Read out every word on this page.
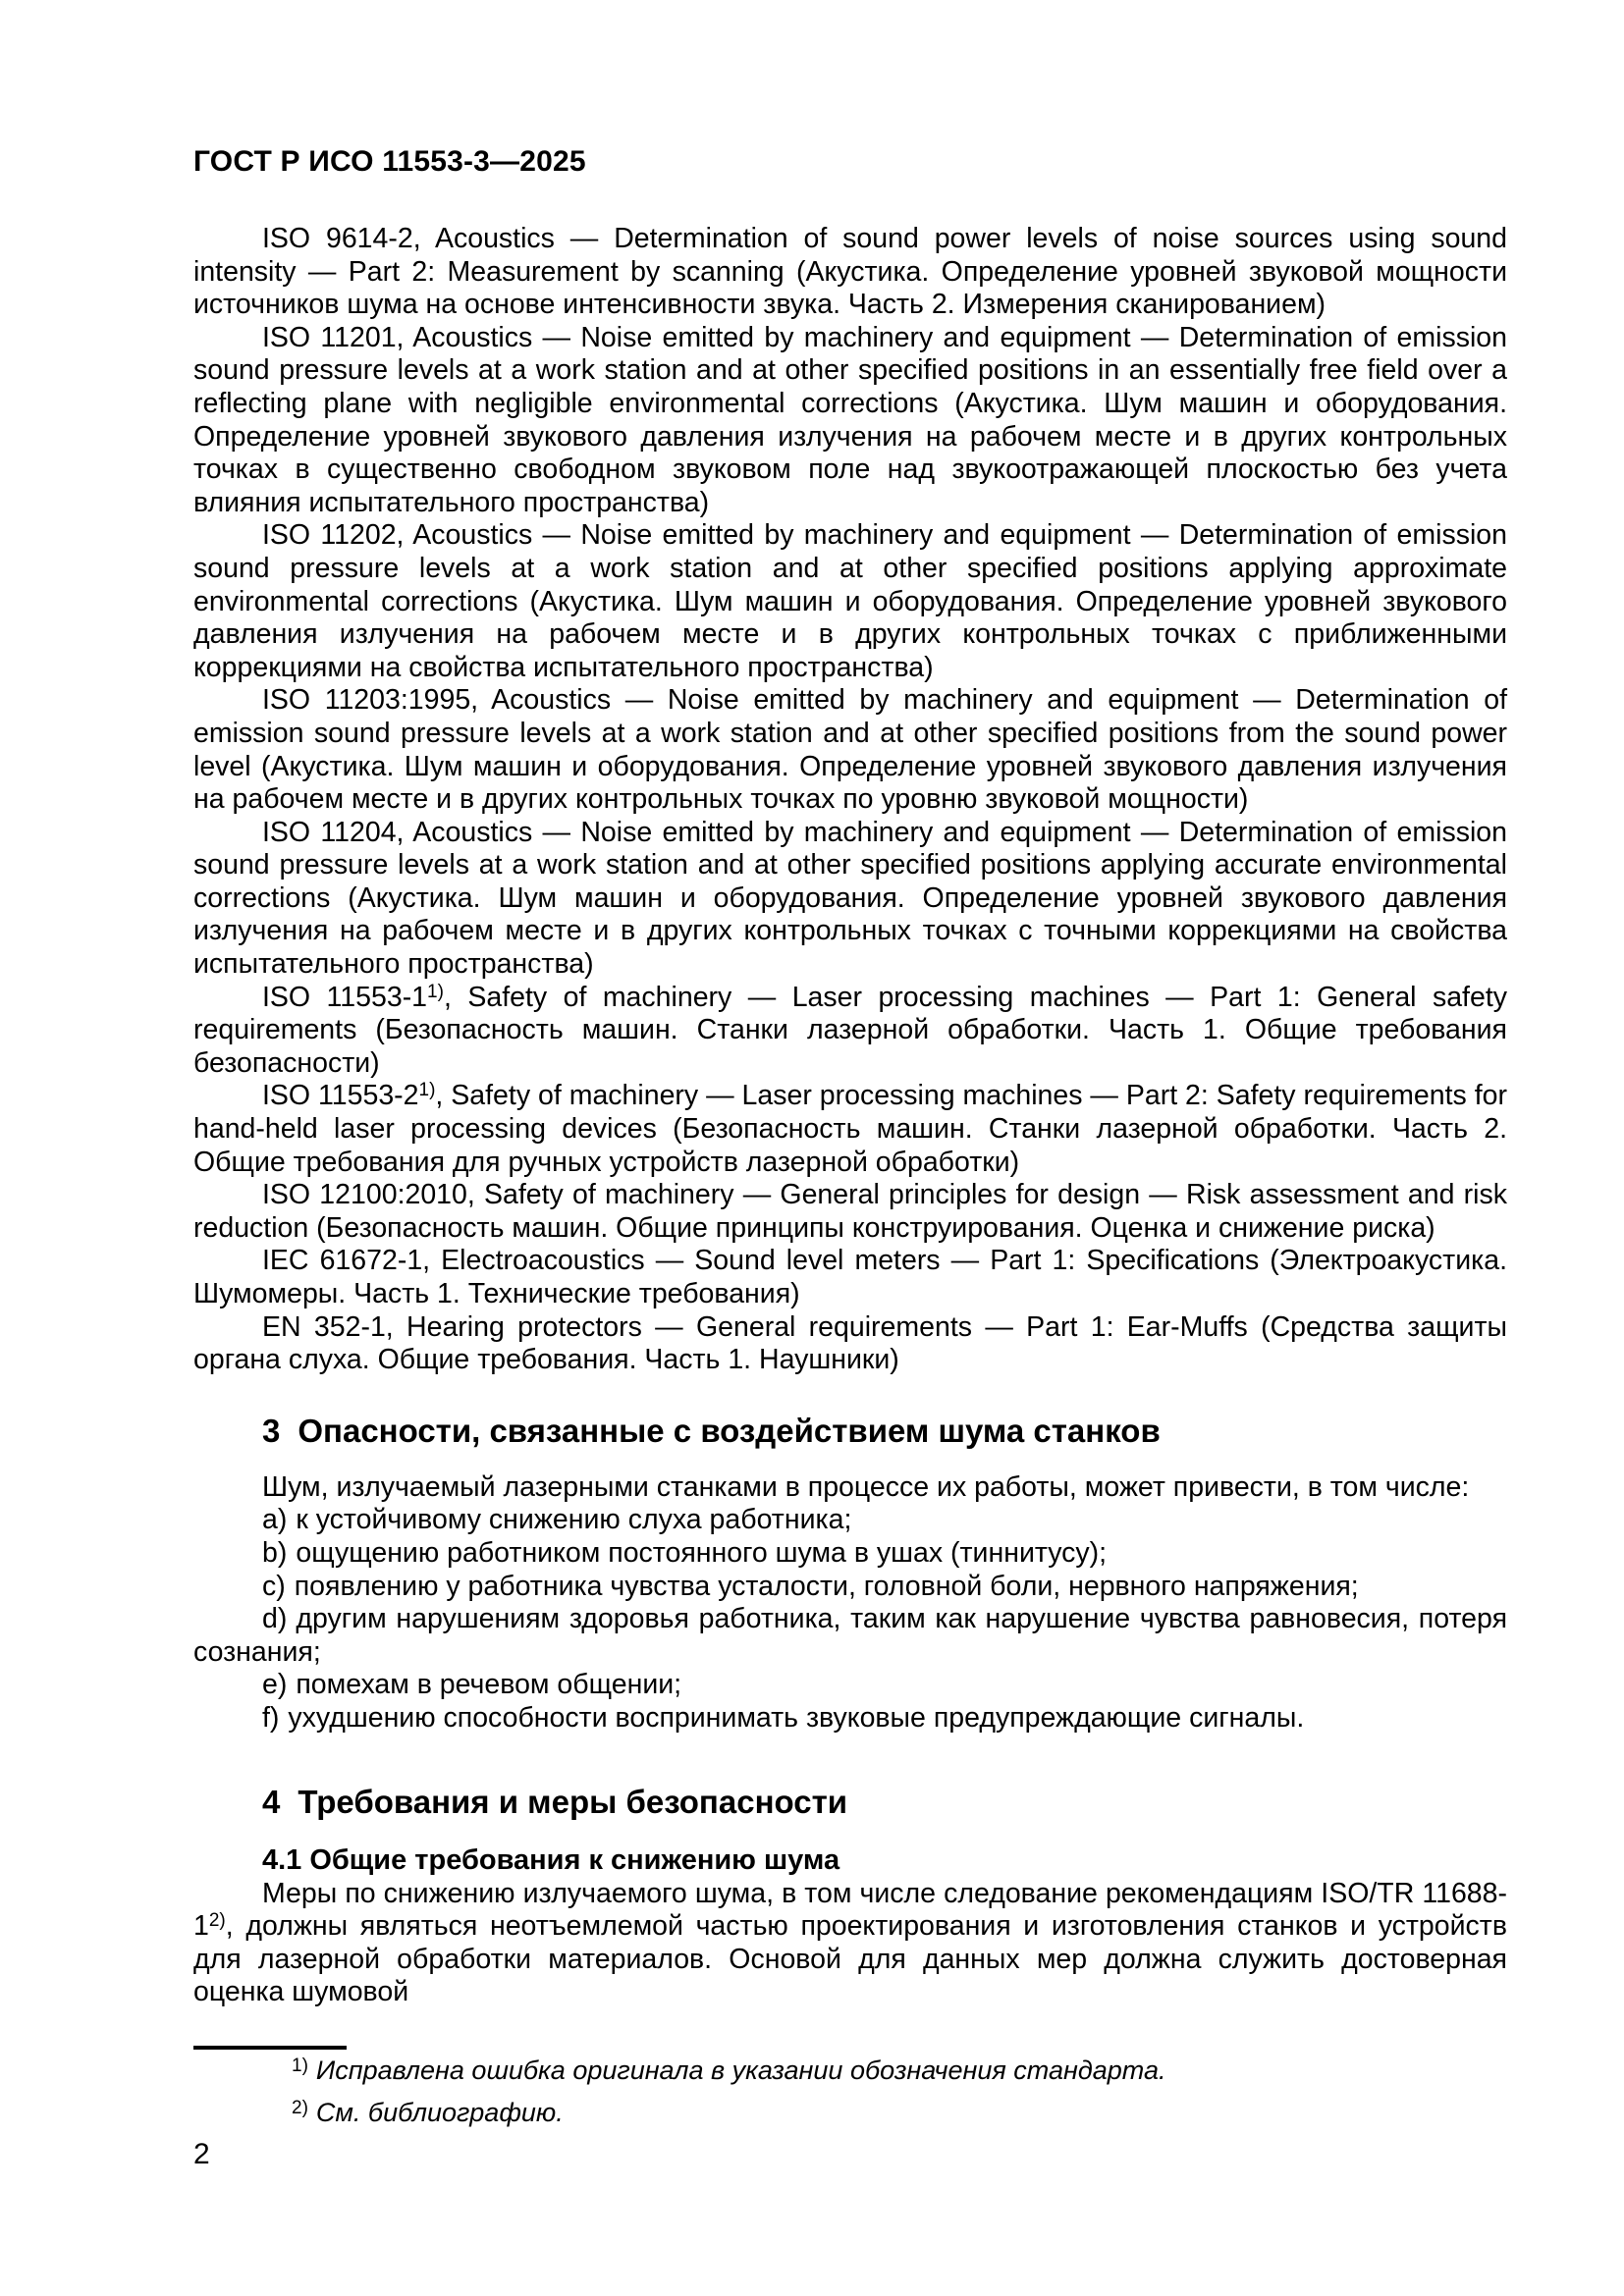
ГОСТ Р ИСО 11553-3—2025

ISO 9614-2, Acoustics — Determination of sound power levels of noise sources using sound intensity — Part 2: Measurement by scanning (Акустика. Определение уровней звуковой мощности источников шума на основе интенсивности звука. Часть 2. Измерения сканированием)

ISO 11201, Acoustics — Noise emitted by machinery and equipment — Determination of emission sound pressure levels at a work station and at other specified positions in an essentially free field over a reflecting plane with negligible environmental corrections (Акустика. Шум машин и оборудования. Определение уровней звукового давления излучения на рабочем месте и в других контрольных точках в существенно свободном звуковом поле над звукоотражающей плоскостью без учета влияния испытательного пространства)

ISO 11202, Acoustics — Noise emitted by machinery and equipment — Determination of emission sound pressure levels at a work station and at other specified positions applying approximate environmental corrections (Акустика. Шум машин и оборудования. Определение уровней звукового давления излучения на рабочем месте и в других контрольных точках с приближенными коррекциями на свойства испытательного пространства)

ISO 11203:1995, Acoustics — Noise emitted by machinery and equipment — Determination of emission sound pressure levels at a work station and at other specified positions from the sound power level (Акустика. Шум машин и оборудования. Определение уровней звукового давления излучения на рабочем месте и в других контрольных точках по уровню звуковой мощности)

ISO 11204, Acoustics — Noise emitted by machinery and equipment — Determination of emission sound pressure levels at a work station and at other specified positions applying accurate environmental corrections (Акустика. Шум машин и оборудования. Определение уровней звукового давления излучения на рабочем месте и в других контрольных точках с точными коррекциями на свойства испытательного пространства)

ISO 11553-1$^{1)}$, Safety of machinery — Laser processing machines — Part 1: General safety requirements (Безопасность машин. Станки лазерной обработки. Часть 1. Общие требования безопасности)

ISO 11553-2$^{1)}$, Safety of machinery — Laser processing machines — Part 2: Safety requirements for hand-held laser processing devices (Безопасность машин. Станки лазерной обработки. Часть 2. Общие требования для ручных устройств лазерной обработки)

ISO 12100:2010, Safety of machinery — General principles for design — Risk assessment and risk reduction (Безопасность машин. Общие принципы конструирования. Оценка и снижение риска)

IEC 61672-1, Electroacoustics — Sound level meters — Part 1: Specifications (Электроакустика. Шумомеры. Часть 1. Технические требования)

EN 352-1, Hearing protectors — General requirements — Part 1: Ear-Muffs (Средства защиты органа слуха. Общие требования. Часть 1. Наушники)

3 Опасности, связанные с воздействием шума станков

Шум, излучаемый лазерными станками в процессе их работы, может привести, в том числе:

a) к устойчивому снижению слуха работника;

b) ощущению работником постоянного шума в ушах (тиннитусу);

c) появлению у работника чувства усталости, головной боли, нервного напряжения;

d) другим нарушениям здоровья работника, таким как нарушение чувства равновесия, потеря сознания;

e) помехам в речевом общении;

f) ухудшению способности воспринимать звуковые предупреждающие сигналы.

4 Требования и меры безопасности
4.1 Общие требования к снижению шума

Меры по снижению излучаемого шума, в том числе следование рекомендациям ISO/TR 11688-1$^{2)}$, должны являться неотъемлемой частью проектирования и изготовления станков и устройств для лазерной обработки материалов. Основой для данных мер должна служить достоверная оценка шумовой

$^{1)}$ Исправлена ошибка оригинала в указании обозначения стандарта.

$^{2)}$ См. библиографию.

2
